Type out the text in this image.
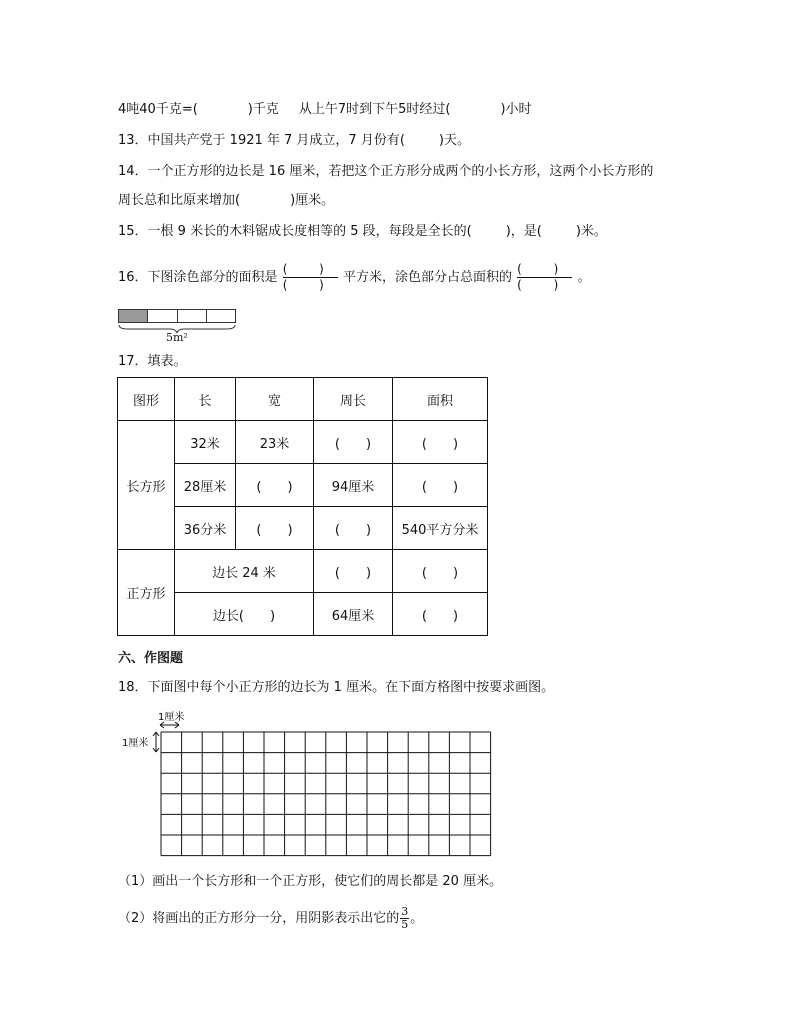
4吨40千克=(	)千克 从上午7时到下午5时经过(	)小时
13．中国共产党于 1921 年 7 月成立，7 月份有(	)天。
14．一个正方形的边长是 16 厘米，若把这个正方形分成两个的小长方形，这两个小长方形的
周长总和比原来增加(	)厘米。
15．一根 9 米长的木料锯成长度相等的 5 段，每段是全长的(	)，是(	)米。
16．下图涂色部分的面积是 $\frac{( )}{( )}$ 平方米，涂色部分占总面积的 $\frac{( )}{( )}$ 。
5m²
17．填表。
图形	长	宽	周长	面积
长方形	32米	23米	(　　)	(　　)
	28厘米	(　　)	94厘米	(　　)
	36分米	(　　)	(　　)	540平方分米
正方形	边长 24 米		(　　)	(　　)
	边长(　　)		64厘米	(　　)
六、作图题
18．下面图中每个小正方形的边长为 1 厘米。在下面方格图中按要求画图。
1厘米
1厘米
（1）画出一个长方形和一个正方形，使它们的周长都是 20 厘米。
（2）将画出的正方形分一分，用阴影表示出它的 $\frac{3}{5}$ 。
